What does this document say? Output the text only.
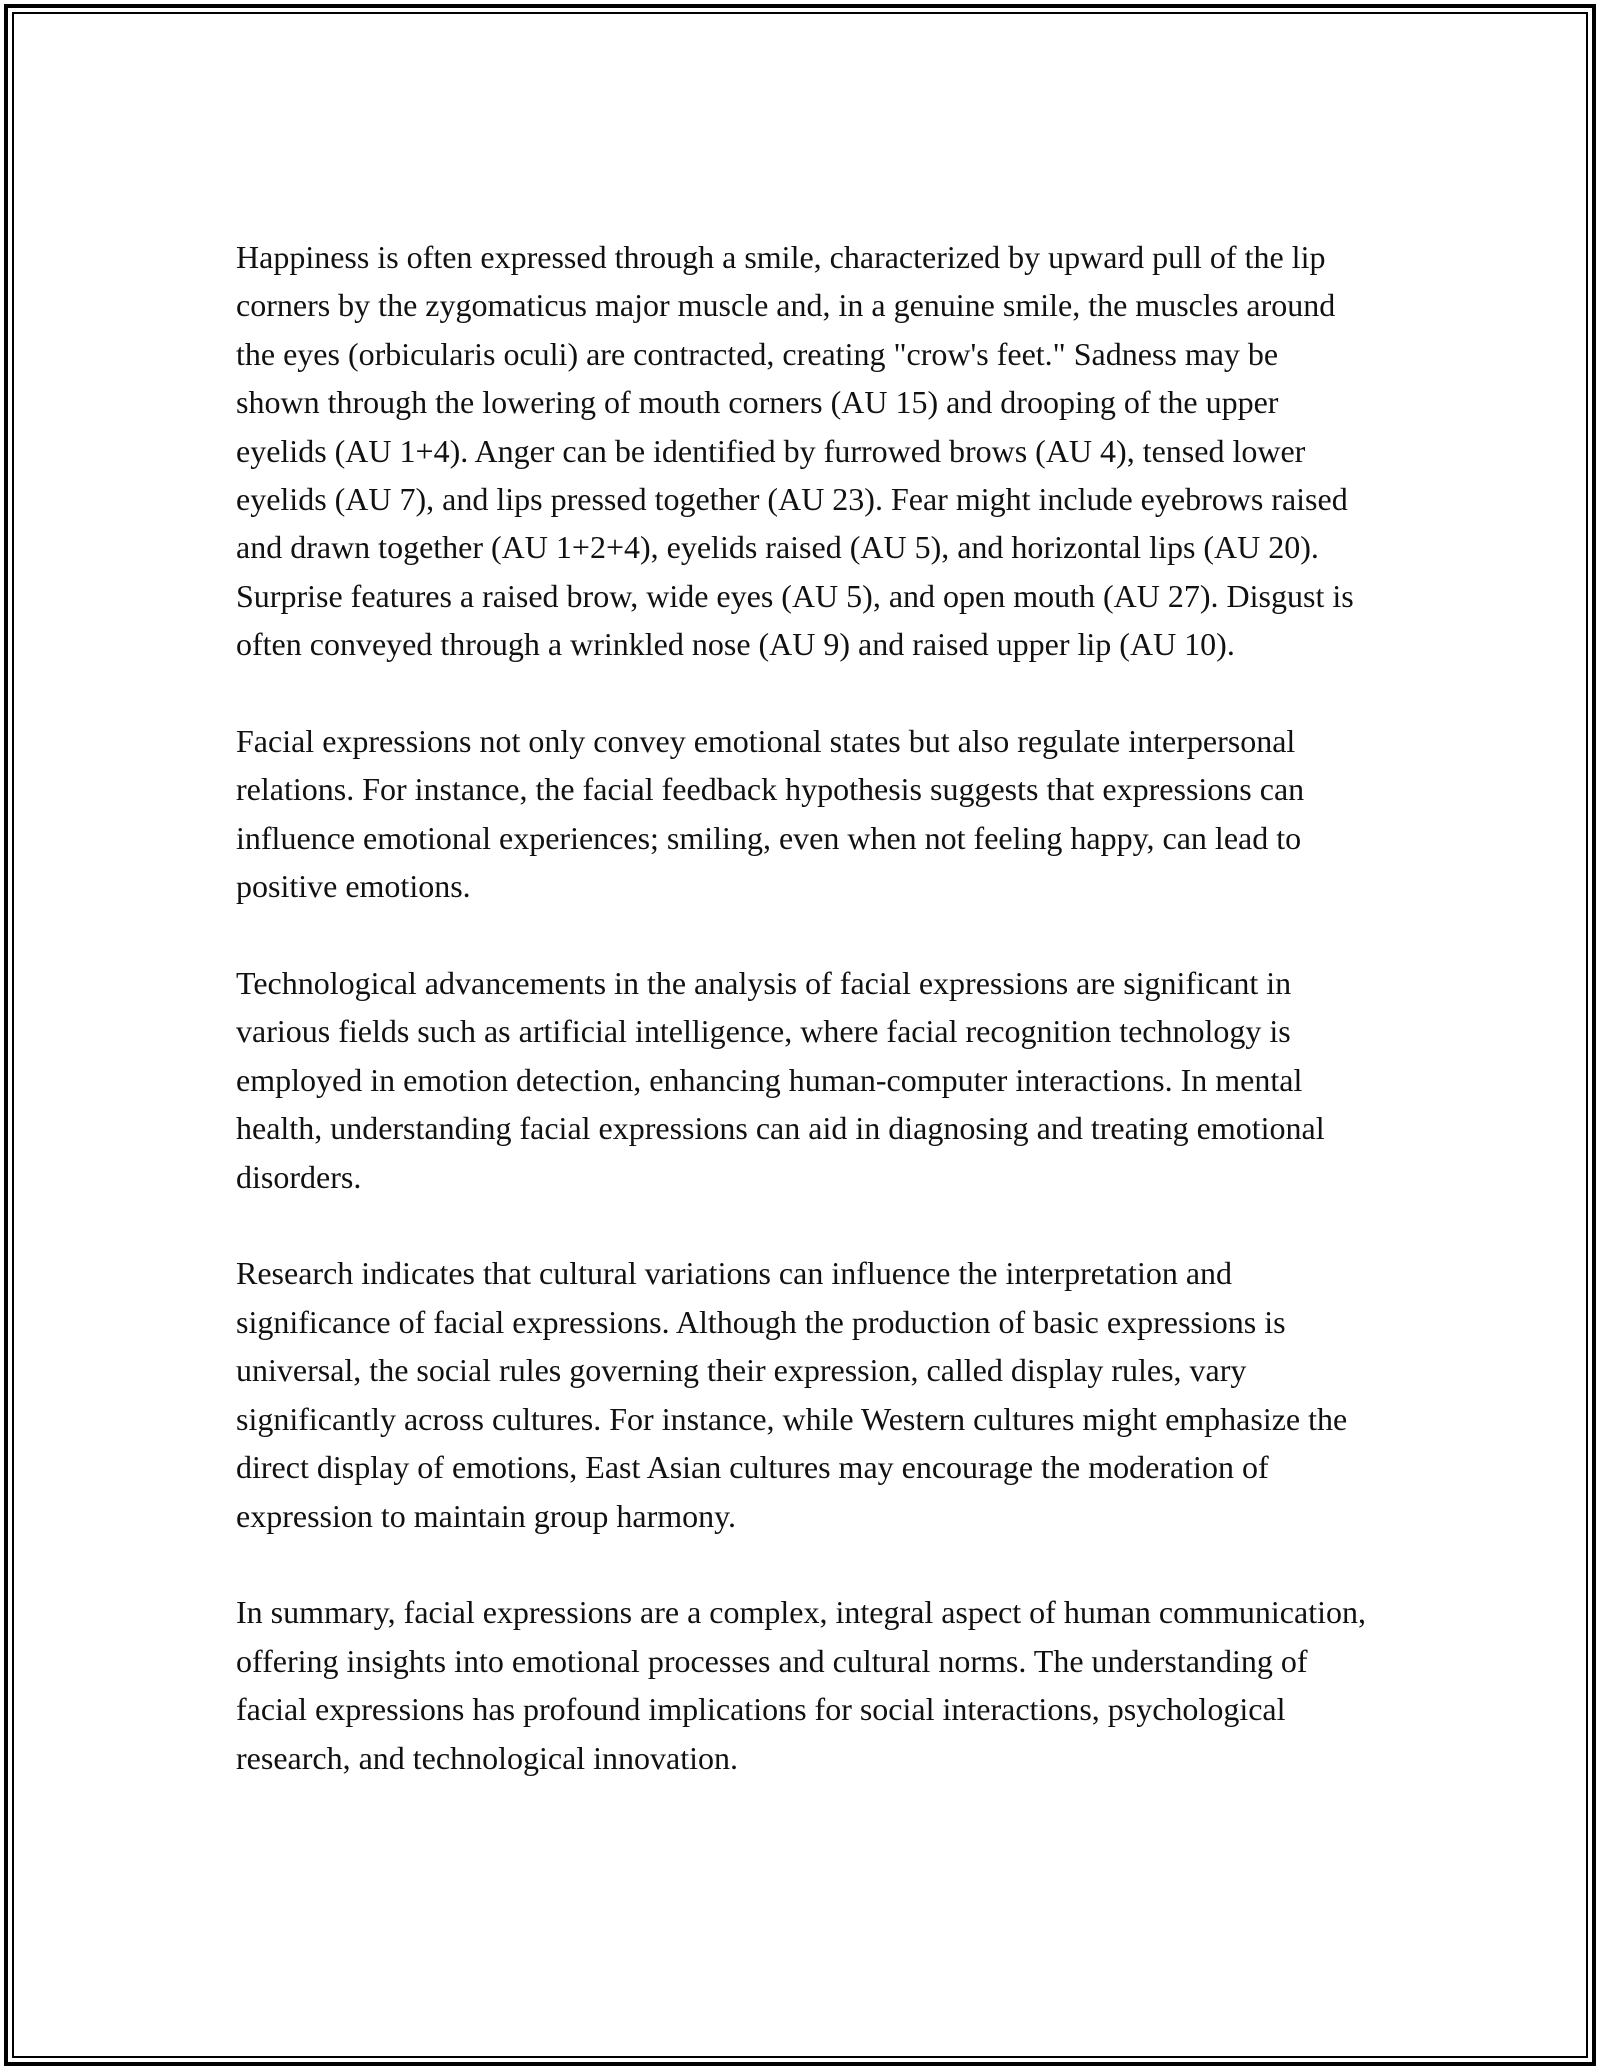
Happiness is often expressed through a smile, characterized by upward pull of the lip corners by the zygomaticus major muscle and, in a genuine smile, the muscles around the eyes (orbicularis oculi) are contracted, creating "crow's feet." Sadness may be shown through the lowering of mouth corners (AU 15) and drooping of the upper eyelids (AU 1+4). Anger can be identified by furrowed brows (AU 4), tensed lower eyelids (AU 7), and lips pressed together (AU 23). Fear might include eyebrows raised and drawn together (AU 1+2+4), eyelids raised (AU 5), and horizontal lips (AU 20). Surprise features a raised brow, wide eyes (AU 5), and open mouth (AU 27). Disgust is often conveyed through a wrinkled nose (AU 9) and raised upper lip (AU 10).

Facial expressions not only convey emotional states but also regulate interpersonal relations. For instance, the facial feedback hypothesis suggests that expressions can influence emotional experiences; smiling, even when not feeling happy, can lead to positive emotions.

Technological advancements in the analysis of facial expressions are significant in various fields such as artificial intelligence, where facial recognition technology is employed in emotion detection, enhancing human-computer interactions. In mental health, understanding facial expressions can aid in diagnosing and treating emotional disorders.

Research indicates that cultural variations can influence the interpretation and significance of facial expressions. Although the production of basic expressions is universal, the social rules governing their expression, called display rules, vary significantly across cultures. For instance, while Western cultures might emphasize the direct display of emotions, East Asian cultures may encourage the moderation of expression to maintain group harmony.

In summary, facial expressions are a complex, integral aspect of human communication, offering insights into emotional processes and cultural norms. The understanding of facial expressions has profound implications for social interactions, psychological research, and technological innovation.
